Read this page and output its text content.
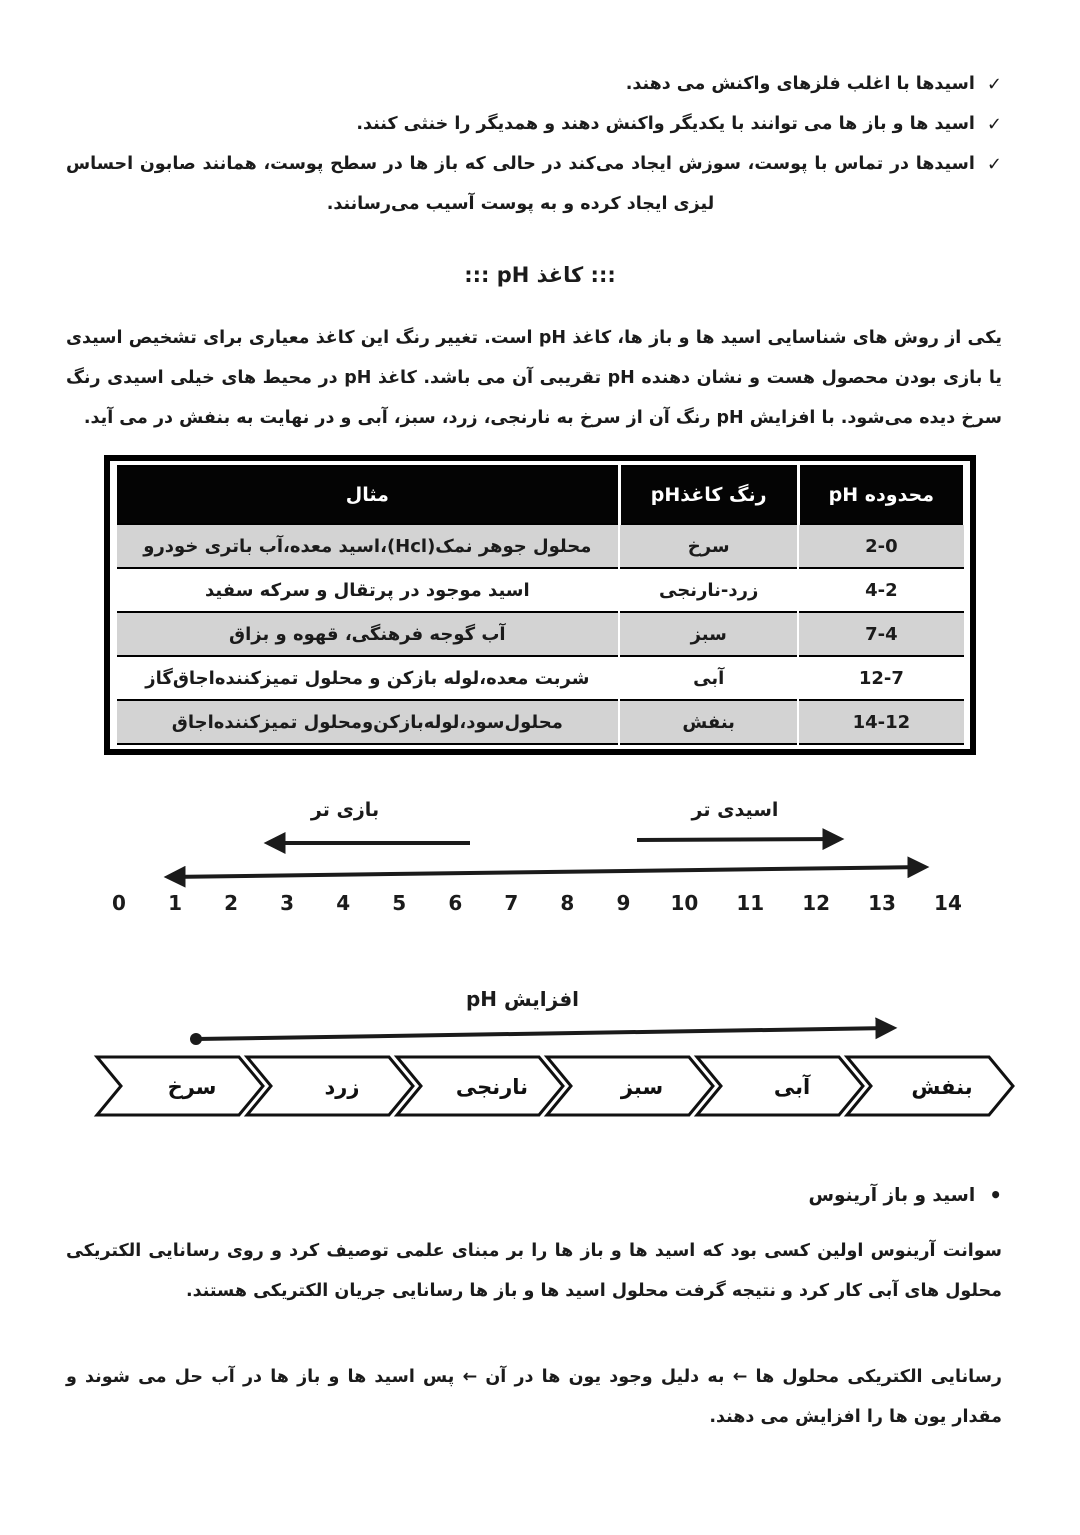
✓

اسیدها با اغلب فلزهای واکنش می دهند.

✓

اسید ها و باز ها می توانند با یکدیگر واکنش دهند و همدیگر را خنثی کنند.

✓

اسیدها در تماس با پوست، سوزش ایجاد می‌کند در حالی که باز ها در سطح پوست، همانند صابون احساس لیزی ایجاد کرده و به پوست آسیب می‌رسانند.

::: کاغذ pH :::

یکی از روش های شناسایی اسید ها و باز ها، کاغذ pH است. تغییر رنگ این کاغذ معیاری برای تشخیص اسیدی یا بازی بودن محصول هست و نشان دهنده pH تقریبی آن می باشد. کاغذ pH در محیط های خیلی اسیدی رنگ سرخ دیده می‌شود. با افزایش pH رنگ آن از سرخ به نارنجی، زرد، سبز، آبی و در نهایت به بنفش در می آید.

محدوده pH	رنگ کاغذpH	مثال
2-0	سرخ	محلول جوهر نمک(Hcl)،اسید معده،آب باتری خودرو
4-2	زرد-نارنجی	اسید موجود در پرتقال و سرکه سفید
7-4	سبز	آب گوجه فرهنگی، قهوه و بزاق
12-7	آبی	شربت معده،لوله بازکن و محلول تمیزکننده‌اجاق‌گاز
14-12	بنفش	محلول‌سود،لوله‌بازکن‌ومحلول تمیزکننده‌اجاق
بازی تر	اسیدی تر
0 1 2 3 4 5 6 7 8 9 10 11 12 13 14
افزایش pH
سرخ	زرد	نارنجی	سبز	آبی	بنفش
•
اسید و باز آرینوس

سوانت آرینوس اولین کسی بود که اسید ها و باز ها را بر مبنای علمی توصیف کرد و روی رسانایی الکتریکی محلول های آبی کار کرد و نتیجه گرفت محلول اسید ها و باز ها رسانایی جریان الکتریکی هستند.

رسانایی الکتریکی محلول ها ← به دلیل وجود یون ها در آن ← پس اسید ها و باز ها در آب حل می شوند و مقدار یون ها را افزایش می دهند.
